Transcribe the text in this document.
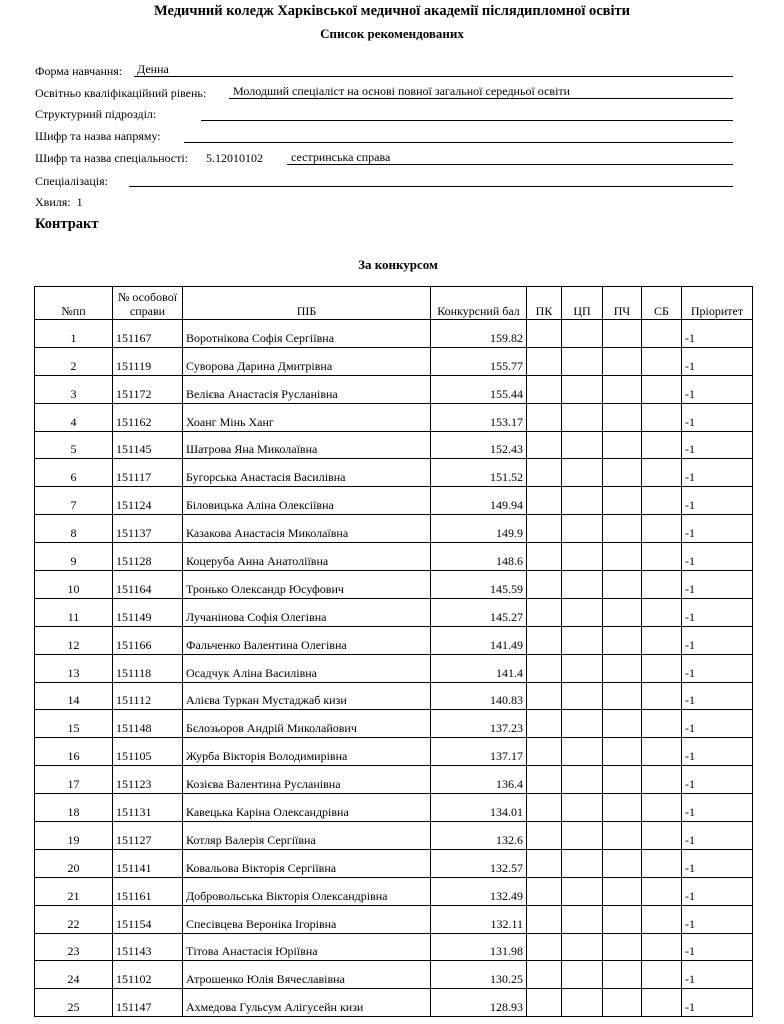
Медичний коледж Харківської медичної академії післядипломної освіти
Список рекомендованих
Форма навчання: Денна
Освітньо кваліфікаційний рівень: Молодший спеціаліст на основі повної загальної середньої освіти
Структурний підрозділ:
Шифр та назва напряму:
Шифр та назва спеціальності: 5.12010102 сестринська справа
Спеціалізація:
Хвиля: 1
Контракт
За конкурсом
№пп	№ особової справи	ПІБ	Конкурсний бал	ПК	ЦП	ПЧ	СБ	Пріоритет
1	151167	Воротнікова Софія Сергіївна	159.82					-1
2	151119	Суворова Дарина Дмитрівна	155.77					-1
3	151172	Велієва Анастасія Русланівна	155.44					-1
4	151162	Хоанг Мінь Ханг	153.17					-1
5	151145	Шатрова Яна Миколаївна	152.43					-1
6	151117	Бугорська Анастасія Василівна	151.52					-1
7	151124	Біловицька Аліна Олексіївна	149.94					-1
8	151137	Казакова Анастасія Миколаївна	149.9					-1
9	151128	Коцеруба Анна Анатоліївна	148.6					-1
10	151164	Тронько Олександр Юсуфович	145.59					-1
11	151149	Лучанінова Софія Олегівна	145.27					-1
12	151166	Фальченко Валентина Олегівна	141.49					-1
13	151118	Осадчук Аліна Василівна	141.4					-1
14	151112	Алієва Туркан Мустаджаб кизи	140.83					-1
15	151148	Бєлозьоров Андрій Миколайович	137.23					-1
16	151105	Журба Вікторія Володимирівна	137.17					-1
17	151123	Козієва Валентина Русланівна	136.4					-1
18	151131	Кавецька Каріна Олександрівна	134.01					-1
19	151127	Котляр Валерія Сергіївна	132.6					-1
20	151141	Ковальова Вікторія Сергіївна	132.57					-1
21	151161	Добровольська Вікторія Олександрівна	132.49					-1
22	151154	Спесівцева Вероніка Ігорівна	132.11					-1
23	151143	Тітова Анастасія Юріївна	131.98					-1
24	151102	Атрошенко Юлія Вячеславівна	130.25					-1
25	151147	Ахмедова Гульсум Алігусейн кизи	128.93					-1
